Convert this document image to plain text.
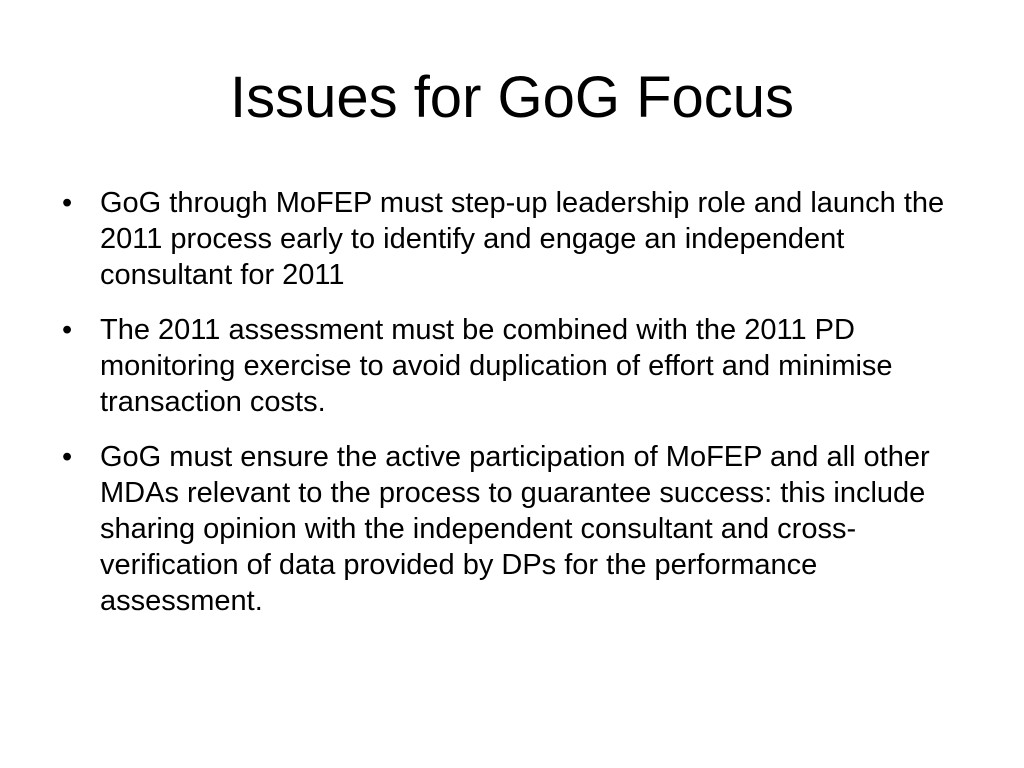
Issues for GoG Focus
• GoG through MoFEP must step-up leadership role and launch the 2011 process early to identify and engage an independent consultant for 2011
• The 2011 assessment must be combined with the 2011 PD monitoring exercise to avoid duplication of effort and minimise transaction costs.
• GoG must ensure the active participation of MoFEP and all other MDAs relevant to the process to guarantee success: this include sharing opinion with the independent consultant and cross-verification of data provided by DPs for the performance assessment.
